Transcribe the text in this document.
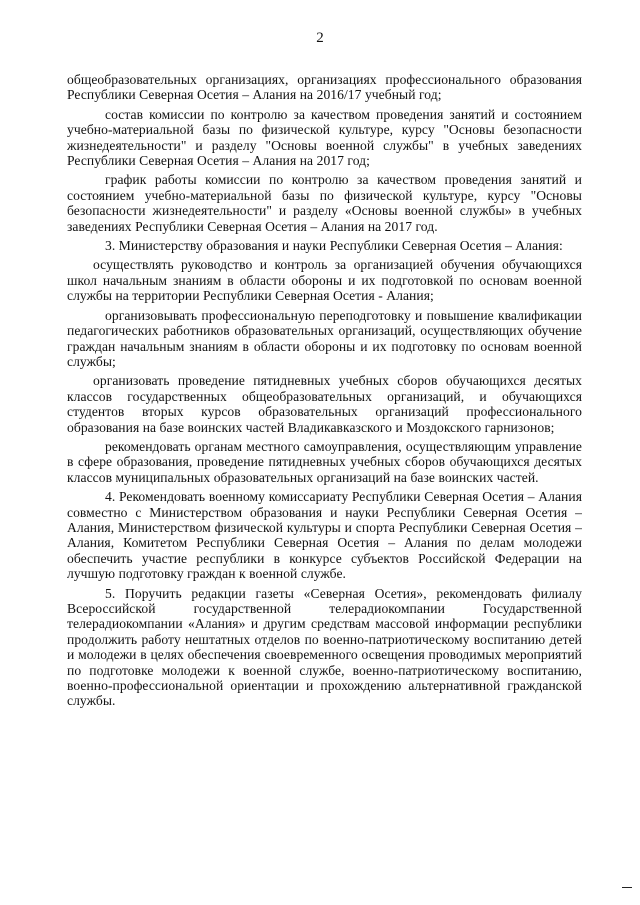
2

общеобразовательных организациях, организациях профессионального образования Республики Северная Осетия – Алания на 2016/17 учебный год;

состав комиссии по контролю за качеством проведения занятий и состоянием учебно-материальной базы по физической культуре, курсу "Основы безопасности жизнедеятельности" и разделу "Основы военной службы" в учебных заведениях Республики Северная Осетия – Алания на 2017 год;

график работы комиссии по контролю за качеством проведения занятий и состоянием учебно-материальной базы по физической культуре, курсу "Основы безопасности жизнедеятельности" и разделу «Основы военной службы» в учебных заведениях Республики Северная Осетия – Алания на 2017 год.

3. Министерству образования и науки Республики Северная Осетия – Алания:

осуществлять руководство и контроль за организацией обучения обучающихся школ начальным знаниям в области обороны и их подготовкой по основам военной службы на территории Республики Северная Осетия - Алания;

организовывать профессиональную переподготовку и повышение квалификации педагогических работников образовательных организаций, осуществляющих обучение граждан начальным знаниям в области обороны и их подготовку по основам военной службы;

организовать проведение пятидневных учебных сборов обучающихся десятых классов государственных общеобразовательных организаций, и обучающихся студентов вторых курсов образовательных организаций профессионального образования на базе воинских частей Владикавказского и Моздокского гарнизонов;

рекомендовать органам местного самоуправления, осуществляющим управление в сфере образования, проведение пятидневных учебных сборов обучающихся десятых классов муниципальных образовательных организаций на базе воинских частей.

4. Рекомендовать военному комиссариату Республики Северная Осетия – Алания совместно с Министерством образования и науки Республики Северная Осетия – Алания, Министерством физической культуры и спорта Республики Северная Осетия – Алания, Комитетом Республики Северная Осетия – Алания по делам молодежи обеспечить участие республики в конкурсе субъектов Российской Федерации на лучшую подготовку граждан к военной службе.

5. Поручить редакции газеты «Северная Осетия», рекомендовать филиалу Всероссийской государственной телерадиокомпании Государственной телерадиокомпании «Алания» и другим средствам массовой информации республики продолжить работу нештатных отделов по военно-патриотическому воспитанию детей и молодежи в целях обеспечения своевременного освещения проводимых мероприятий по подготовке молодежи к военной службе, военно-патриотическому воспитанию, военно-профессиональной ориентации и прохождению альтернативной гражданской службы.
